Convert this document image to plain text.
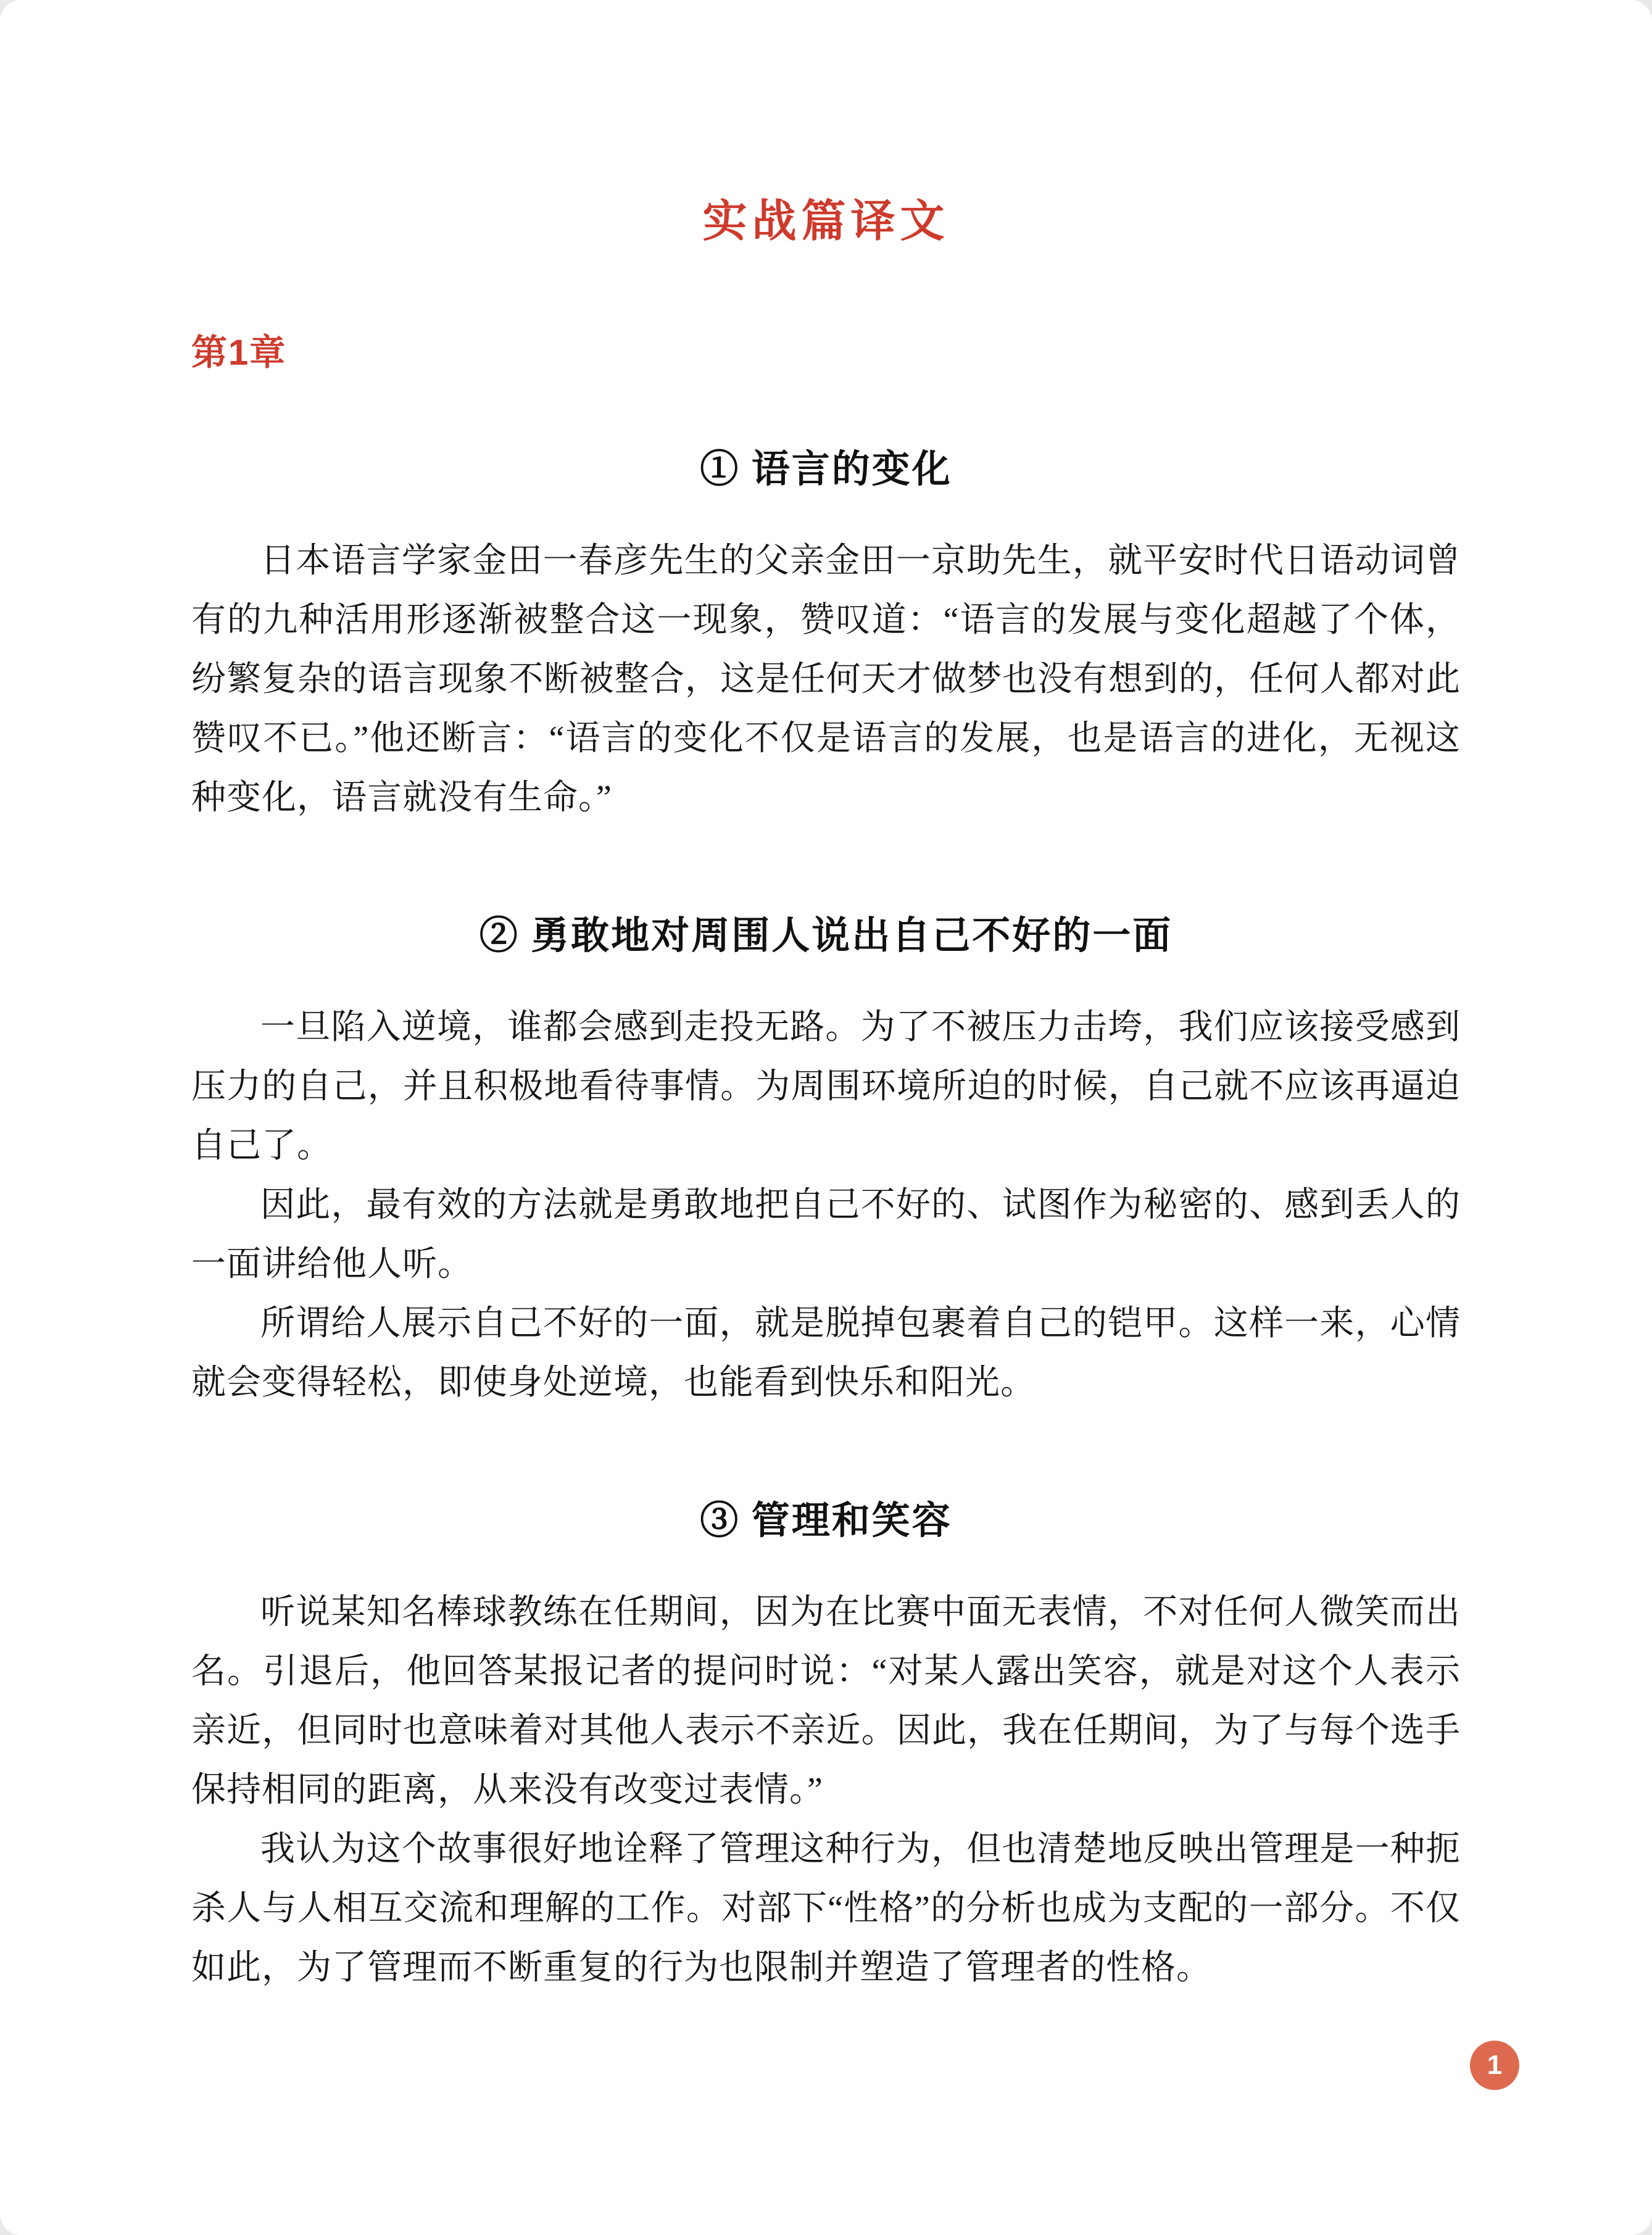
实战篇译文
第1章
① 语言的变化

日本语言学家金田一春彦先生的父亲金田一京助先生，就平安时代日语动词曾有的九种活用形逐渐被整合这一现象，赞叹道：“语言的发展与变化超越了个体，纷繁复杂的语言现象不断被整合，这是任何天才做梦也没有想到的，任何人都对此赞叹不已。”他还断言：“语言的变化不仅是语言的发展，也是语言的进化，无视这种变化，语言就没有生命。”

② 勇敢地对周围人说出自己不好的一面

一旦陷入逆境，谁都会感到走投无路。为了不被压力击垮，我们应该接受感到压力的自己，并且积极地看待事情。为周围环境所迫的时候，自己就不应该再逼迫自己了。

因此，最有效的方法就是勇敢地把自己不好的、试图作为秘密的、感到丢人的一面讲给他人听。

所谓给人展示自己不好的一面，就是脱掉包裹着自己的铠甲。这样一来，心情就会变得轻松，即使身处逆境，也能看到快乐和阳光。

③ 管理和笑容

听说某知名棒球教练在任期间，因为在比赛中面无表情，不对任何人微笑而出名。引退后，他回答某报记者的提问时说：“对某人露出笑容，就是对这个人表示亲近，但同时也意味着对其他人表示不亲近。因此，我在任期间，为了与每个选手保持相同的距离，从来没有改变过表情。”

我认为这个故事很好地诠释了管理这种行为，但也清楚地反映出管理是一种扼杀人与人相互交流和理解的工作。对部下“性格”的分析也成为支配的一部分。不仅如此，为了管理而不断重复的行为也限制并塑造了管理者的性格。

1
